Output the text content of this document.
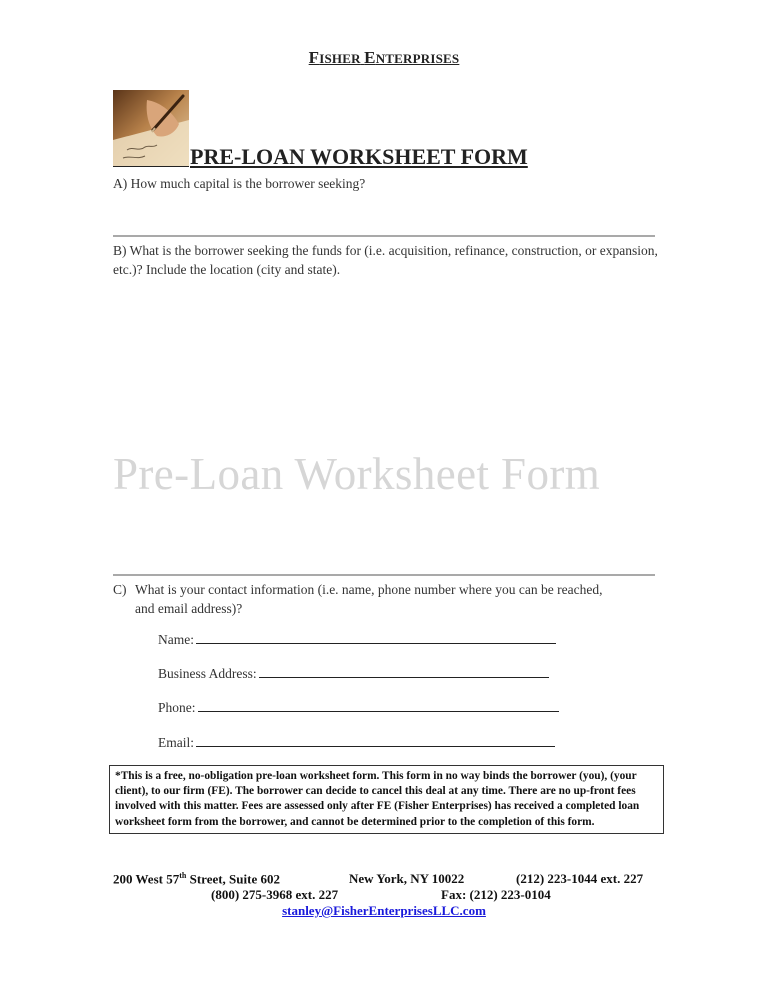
FISHER ENTERPRISES
PRE-LOAN WORKSHEET FORM
A) How much capital is the borrower seeking?
B) What is the borrower seeking the funds for (i.e. acquisition, refinance, construction, or expansion, etc.)? Include the location (city and state).
Pre-Loan Worksheet Form
C) What is your contact information (i.e. name, phone number where you can be reached,
and email address)?
Name:
Business Address:
Phone:
Email:
*This is a free, no-obligation pre-loan worksheet form. This form in no way binds the borrower (you), (your client), to our firm (FE). The borrower can decide to cancel this deal at any time. There are no up-front fees involved with this matter. Fees are assessed only after FE (Fisher Enterprises) has received a completed loan worksheet form from the borrower, and cannot be determined prior to the completion of this form.
200 West 57th Street, Suite 602	New York, NY 10022	(212) 223-1044 ext. 227
(800) 275-3968 ext. 227	Fax: (212) 223-0104
stanley@FisherEnterprisesLLC.com
